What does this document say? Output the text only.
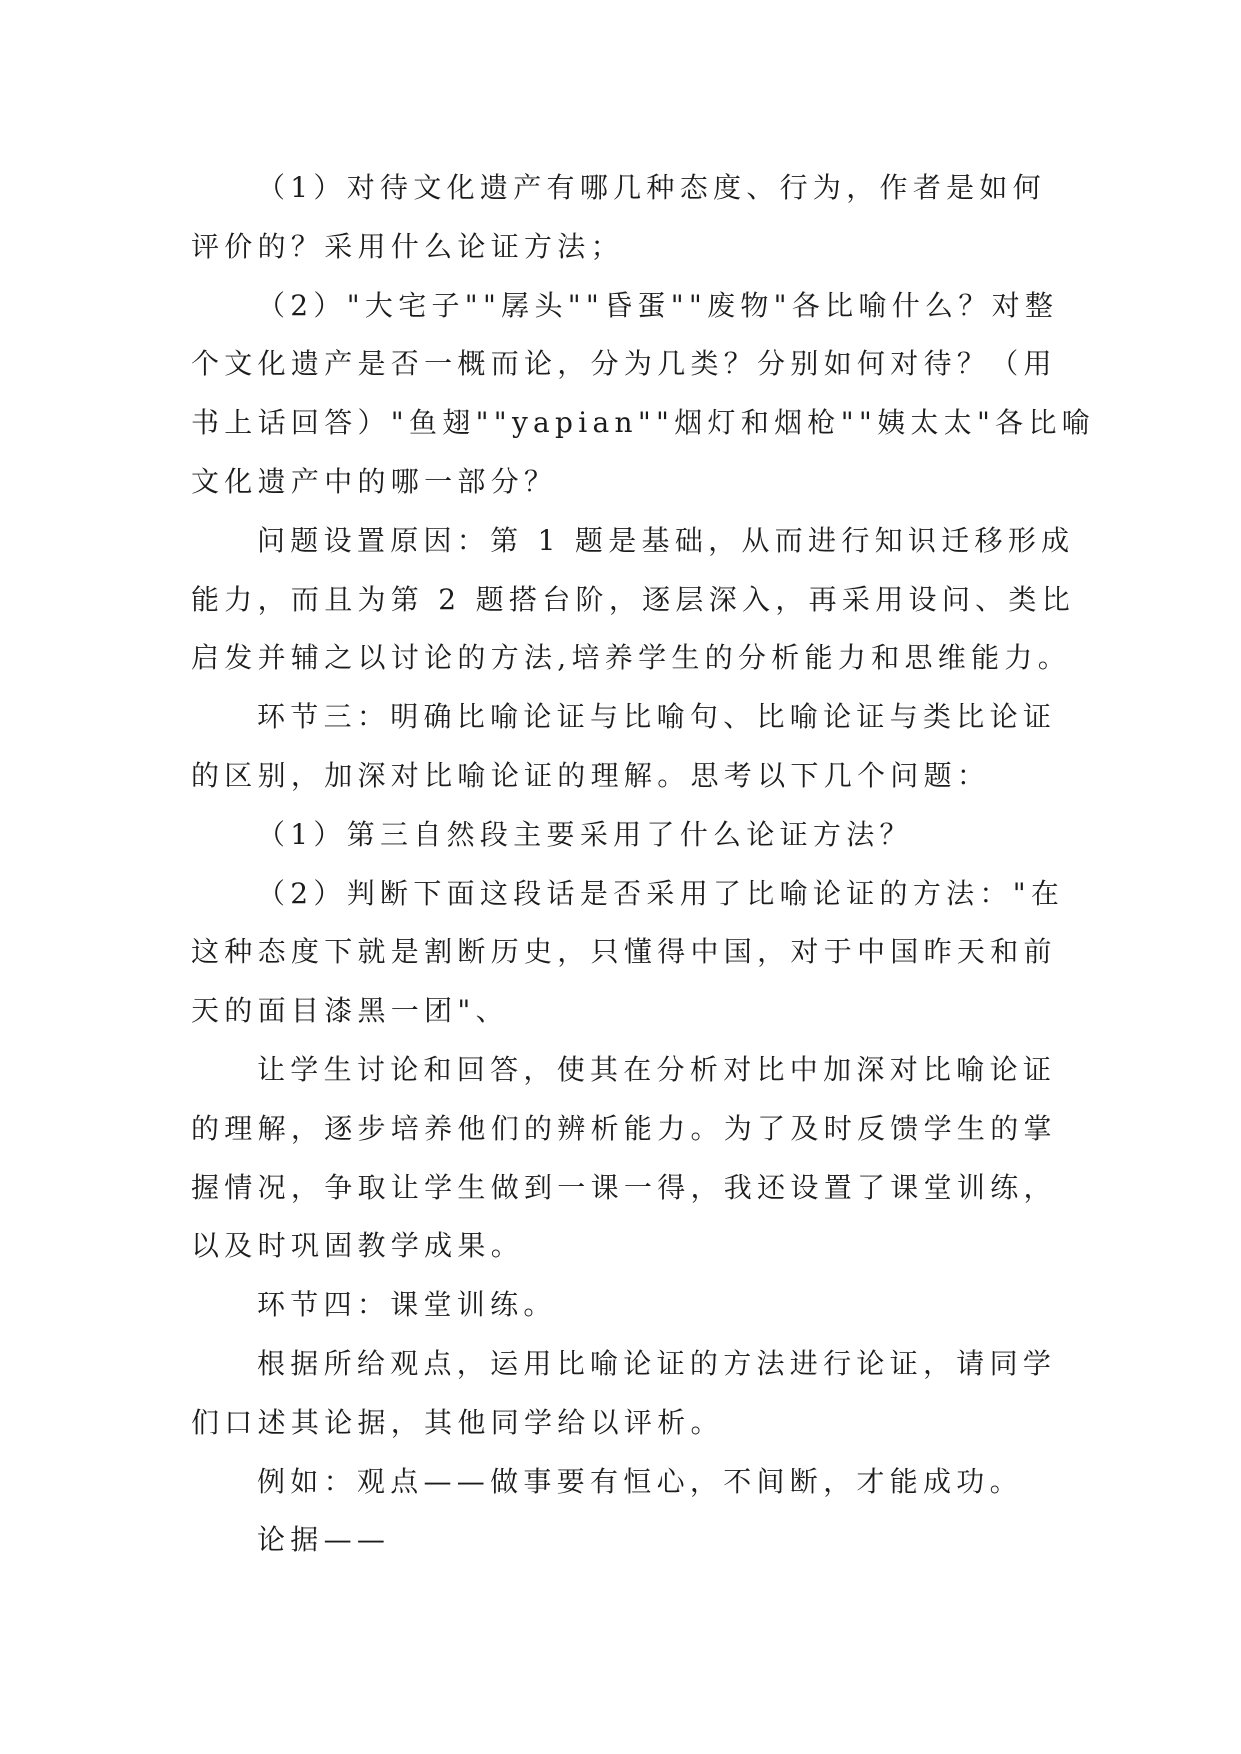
（1）对待文化遗产有哪几种态度、行为，作者是如何
评价的？采用什么论证方法；
（2）"大宅子""孱头""昏蛋""废物"各比喻什么？对整
个文化遗产是否一概而论，分为几类？分别如何对待？（用
书上话回答）"鱼翅""yapian""烟灯和烟枪""姨太太"各比喻
文化遗产中的哪一部分？
问题设置原因：第 1 题是基础，从而进行知识迁移形成
能力，而且为第 2 题搭台阶，逐层深入，再采用设问、类比
启发并辅之以讨论的方法,培养学生的分析能力和思维能力。
环节三：明确比喻论证与比喻句、比喻论证与类比论证
的区别，加深对比喻论证的理解。思考以下几个问题：
（1）第三自然段主要采用了什么论证方法？
（2）判断下面这段话是否采用了比喻论证的方法："在
这种态度下就是割断历史，只懂得中国，对于中国昨天和前
天的面目漆黑一团"、
让学生讨论和回答，使其在分析对比中加深对比喻论证
的理解，逐步培养他们的辨析能力。为了及时反馈学生的掌
握情况，争取让学生做到一课一得，我还设置了课堂训练，
以及时巩固教学成果。
环节四：课堂训练。
根据所给观点，运用比喻论证的方法进行论证，请同学
们口述其论据，其他同学给以评析。
例如：观点——做事要有恒心，不间断，才能成功。
论据——
